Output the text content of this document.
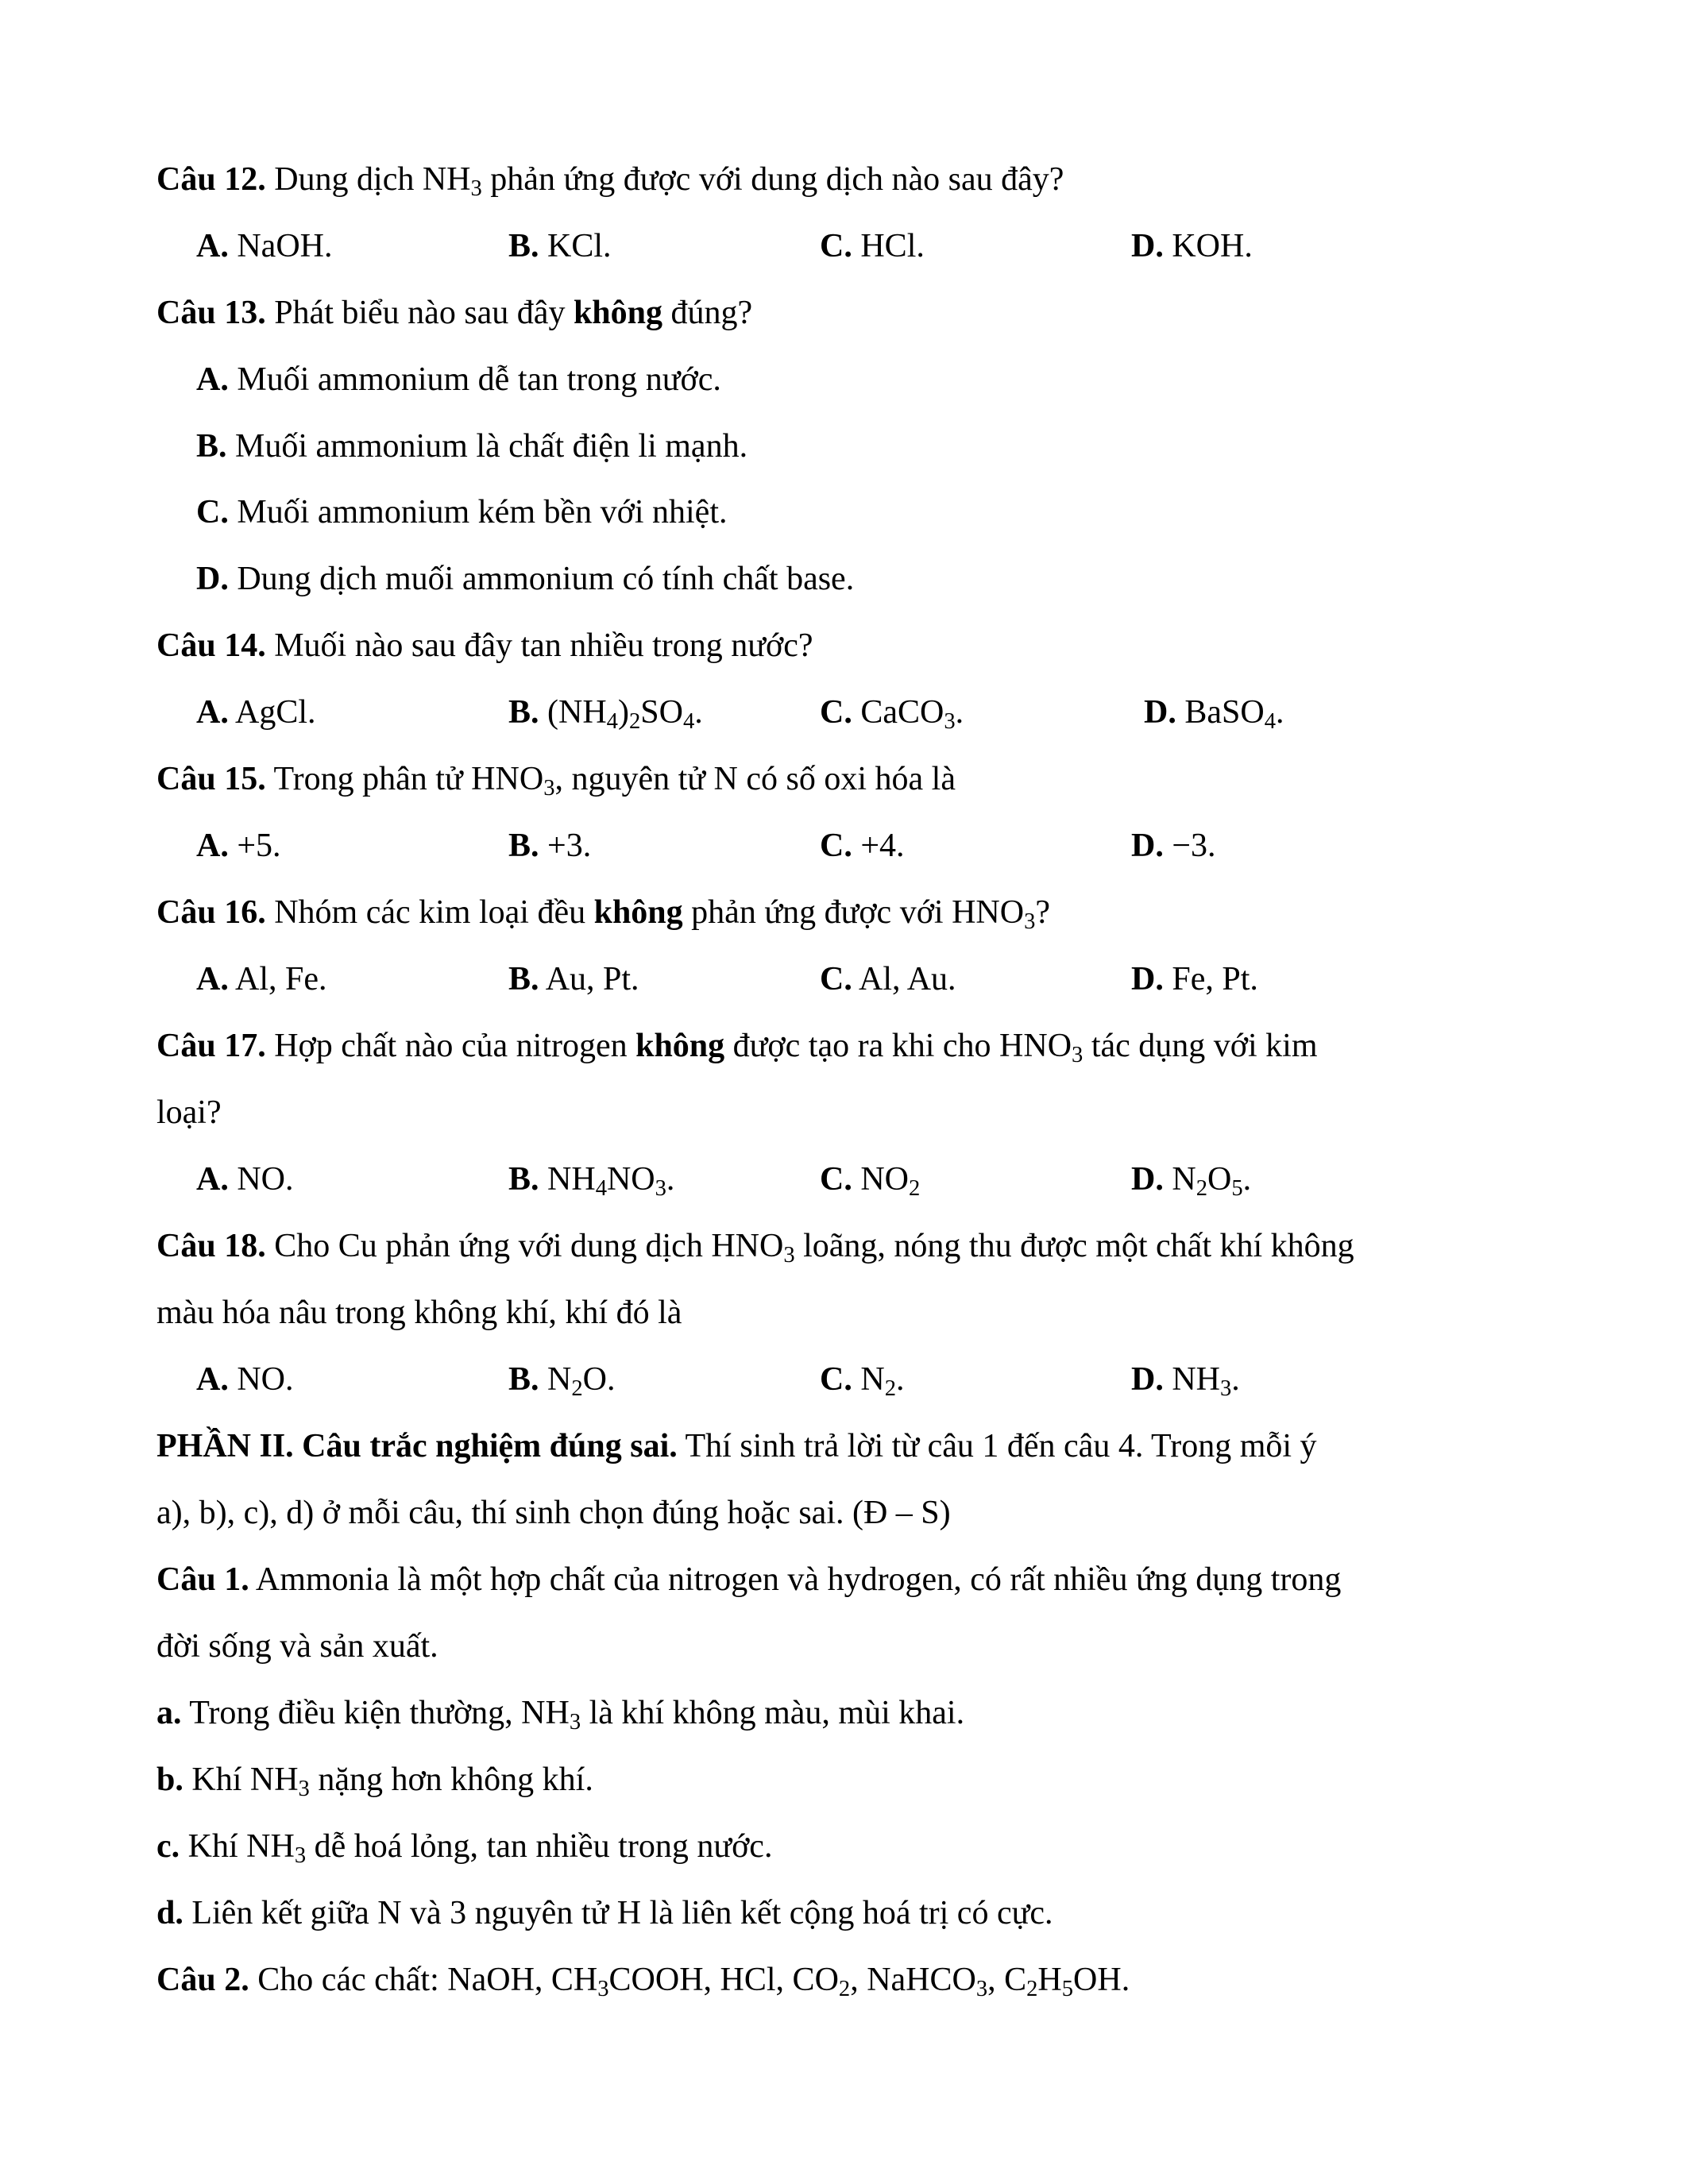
Câu 12. Dung dịch $NH_3$ phản ứng được với dung dịch nào sau đây?
A. NaOH.	B. KCl.	C. HCl.	D. KOH.
Câu 13. Phát biểu nào sau đây không đúng?
A. Muối ammonium dễ tan trong nước.
B. Muối ammonium là chất điện li mạnh.
C. Muối ammonium kém bền với nhiệt.
D. Dung dịch muối ammonium có tính chất base.
Câu 14. Muối nào sau đây tan nhiều trong nước?
A. AgCl.	B. $(NH_4)_2SO_4$.	C. CaCO$_3$.	D. BaSO$_4$.
Câu 15. Trong phân tử $HNO_3$, nguyên tử N có số oxi hóa là
A. +5.	B. +3.	C. +4.	D. −3.
Câu 16. Nhóm các kim loại đều không phản ứng được với $HNO_3$?
A. Al, Fe.	B. Au, Pt.	C. Al, Au.	D. Fe, Pt.
Câu 17. Hợp chất nào của nitrogen không được tạo ra khi cho $HNO_3$ tác dụng với kim
loại?
A. NO.	B. $NH_4NO_3$.	C. $NO_2$	D. $N_2O_5$.
Câu 18. Cho Cu phản ứng với dung dịch $HNO_3$ loãng, nóng thu được một chất khí không
màu hóa nâu trong không khí, khí đó là
A. NO.	B. $N_2O$.	C. $N_2$.	D. $NH_3$.
PHẦN II. Câu trắc nghiệm đúng sai. Thí sinh trả lời từ câu 1 đến câu 4. Trong mỗi ý
a), b), c), d) ở mỗi câu, thí sinh chọn đúng hoặc sai. (Đ – S)
Câu 1. Ammonia là một hợp chất của nitrogen và hydrogen, có rất nhiều ứng dụng trong
đời sống và sản xuất.
a. Trong điều kiện thường, $NH_3$ là khí không màu, mùi khai.
b. Khí $NH_3$ nặng hơn không khí.
c. Khí $NH_3$ dễ hoá lỏng, tan nhiều trong nước.
d. Liên kết giữa N và 3 nguyên tử H là liên kết cộng hoá trị có cực.
Câu 2. Cho các chất: NaOH, $CH_3COOH$, HCl, $CO_2$, NaHCO$_3$, $C_2H_5OH$.
